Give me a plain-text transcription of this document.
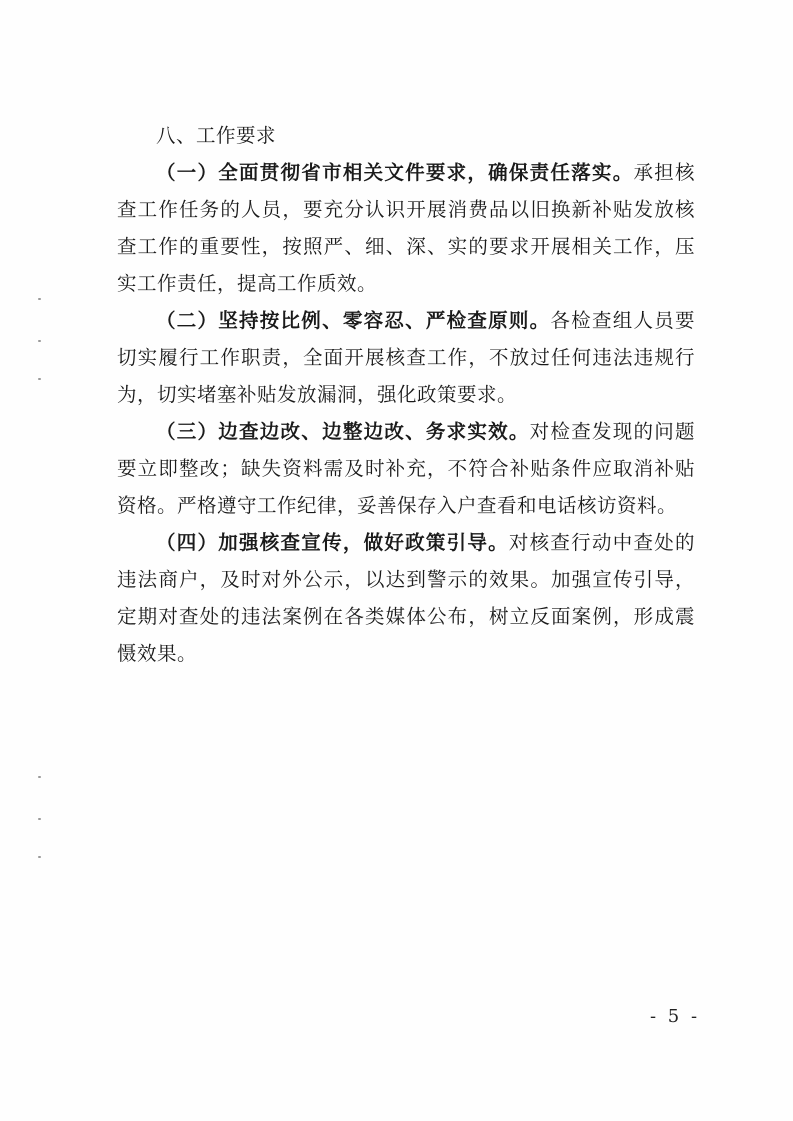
八、工作要求

（一）全面贯彻省市相关文件要求，确保责任落实。承担核查工作任务的人员，要充分认识开展消费品以旧换新补贴发放核查工作的重要性，按照严、细、深、实的要求开展相关工作，压实工作责任，提高工作质效。

（二）坚持按比例、零容忍、严检查原则。各检查组人员要切实履行工作职责，全面开展核查工作，不放过任何违法违规行为，切实堵塞补贴发放漏洞，强化政策要求。

（三）边查边改、边整边改、务求实效。对检查发现的问题要立即整改；缺失资料需及时补充，不符合补贴条件应取消补贴资格。严格遵守工作纪律，妥善保存入户查看和电话核访资料。

（四）加强核查宣传，做好政策引导。对核查行动中查处的违法商户，及时对外公示，以达到警示的效果。加强宣传引导，定期对查处的违法案例在各类媒体公布，树立反面案例，形成震慑效果。

- 5 -
